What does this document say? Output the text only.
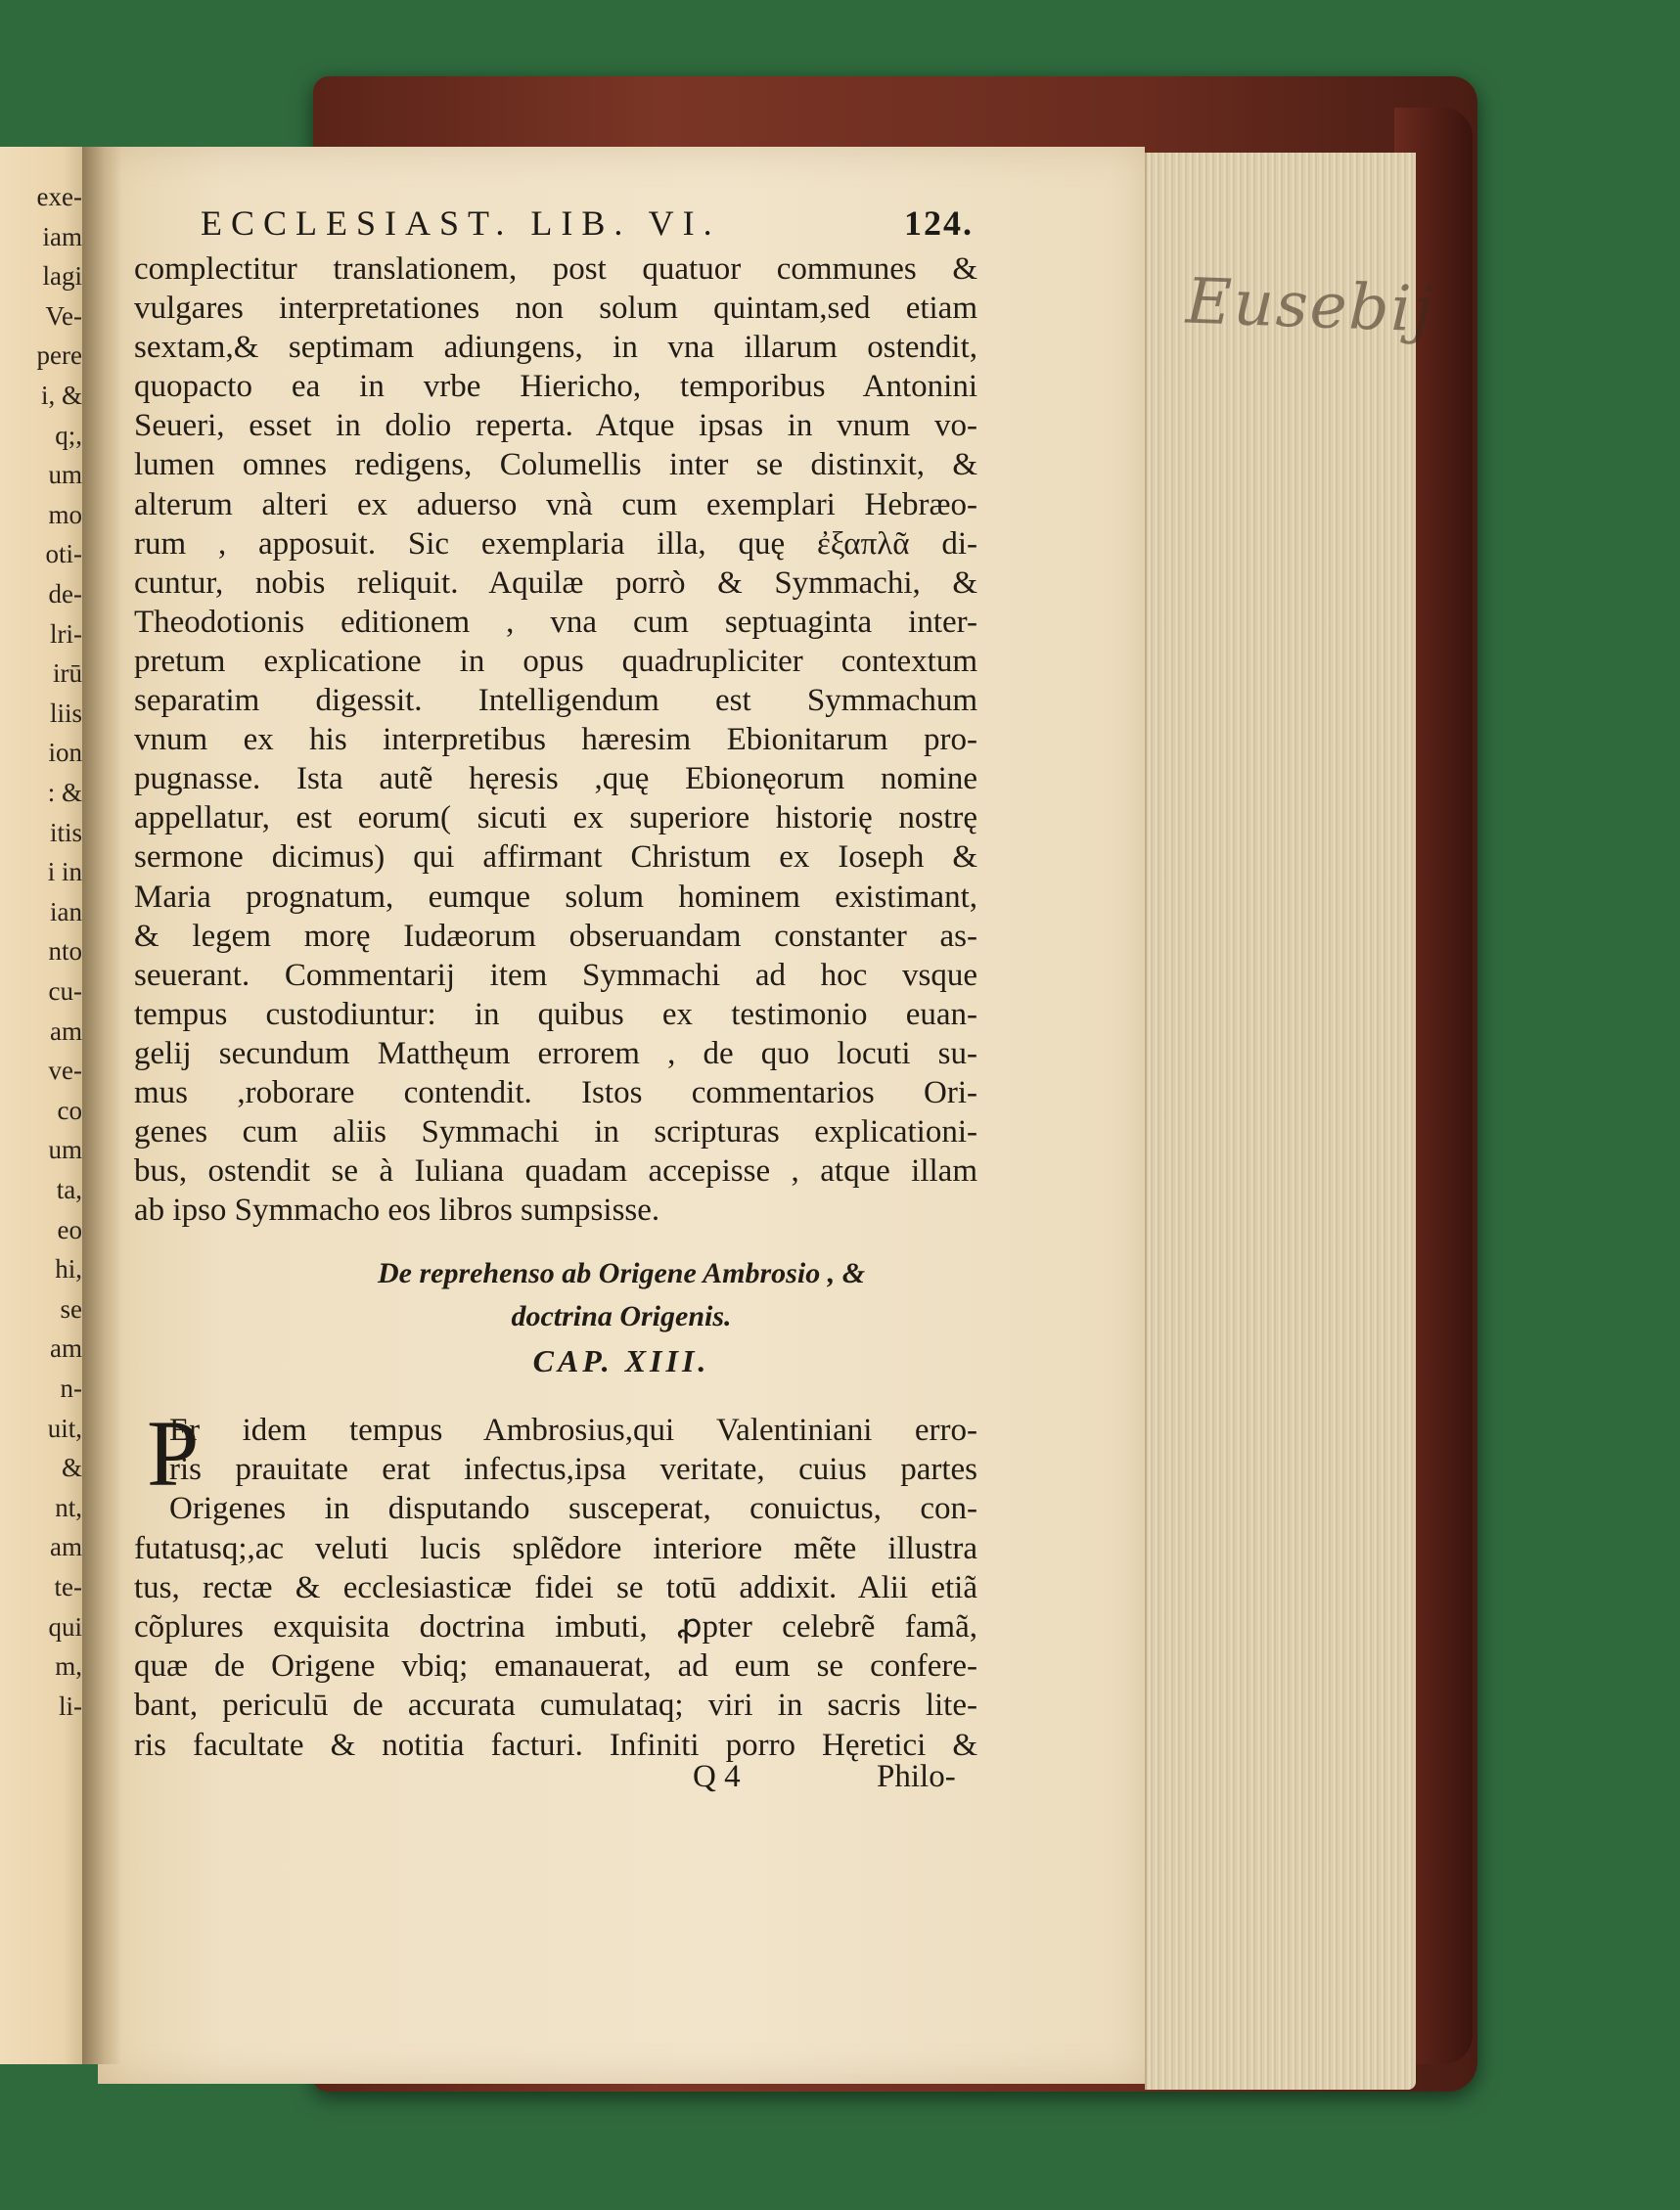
exe-
iam
lagi
Ve-
pere
i, &
q;,
um
mo
oti-
de-
lri-
irū
liis
ion
: &
itis
i in
ian
nto
cu-
am
ve-
co
um
ta,
eo
hi,
se
am
n-
uit,
&
nt,
am
te-
qui
m,
li-
Eusebij
ECCLESIAST. LIB. VI.	124.
complectitur translationem, post quatuor communes &
vulgares interpretationes non solum quintam,sed etiam
sextam,& septimam adiungens, in vna illarum ostendit,
quopacto ea in vrbe Hiericho, temporibus Antonini
Seueri, esset in dolio reperta. Atque ipsas in vnum vo-
lumen omnes redigens, Columellis inter se distinxit, &
alterum alteri ex aduerso vnà cum exemplari Hebræo-
rum , apposuit. Sic exemplaria illa, quę ἐξαπλᾶ di-
cuntur, nobis reliquit. Aquilæ porrò & Symmachi, &
Theodotionis editionem , vna cum septuaginta inter-
pretum explicatione in opus quadrupliciter contextum
separatim digessit. Intelligendum est Symmachum
vnum ex his interpretibus hæresim Ebionitarum pro-
pugnasse. Ista autẽ hęresis ,quę Ebionęorum nomine
appellatur, est eorum( sicuti ex superiore historię nostrę
sermone dicimus) qui affirmant Christum ex Ioseph &
Maria prognatum, eumque solum hominem existimant,
& legem morę Iudæorum obseruandam constanter as-
seuerant. Commentarij item Symmachi ad hoc vsque
tempus custodiuntur: in quibus ex testimonio euan-
gelij secundum Matthęum errorem , de quo locuti su-
mus ,roborare contendit. Istos commentarios Ori-
genes cum aliis Symmachi in scripturas explicationi-
bus, ostendit se à Iuliana quadam accepisse , atque illam
ab ipso Symmacho eos libros sumpsisse.
De reprehenso ab Origene Ambrosio , &
doctrina Origenis.
CAP. XIII.
P
Er idem tempus Ambrosius,qui Valentiniani erro-
ris prauitate erat infectus,ipsa veritate, cuius partes
Origenes in disputando susceperat, conuictus, con-
futatusq;,ac veluti lucis splẽdore interiore mẽte illustra
tus, rectæ & ecclesiasticæ fidei se totū addixit. Alii etiã
cõplures exquisita doctrina imbuti, ꝓpter celebrẽ famã,
quæ de Origene vbiq; emanauerat, ad eum se confere-
bant, periculū de accurata cumulataq; viri in sacris lite-
ris facultate & notitia facturi. Infiniti porro Hęretici &
Q 4	Philo-
